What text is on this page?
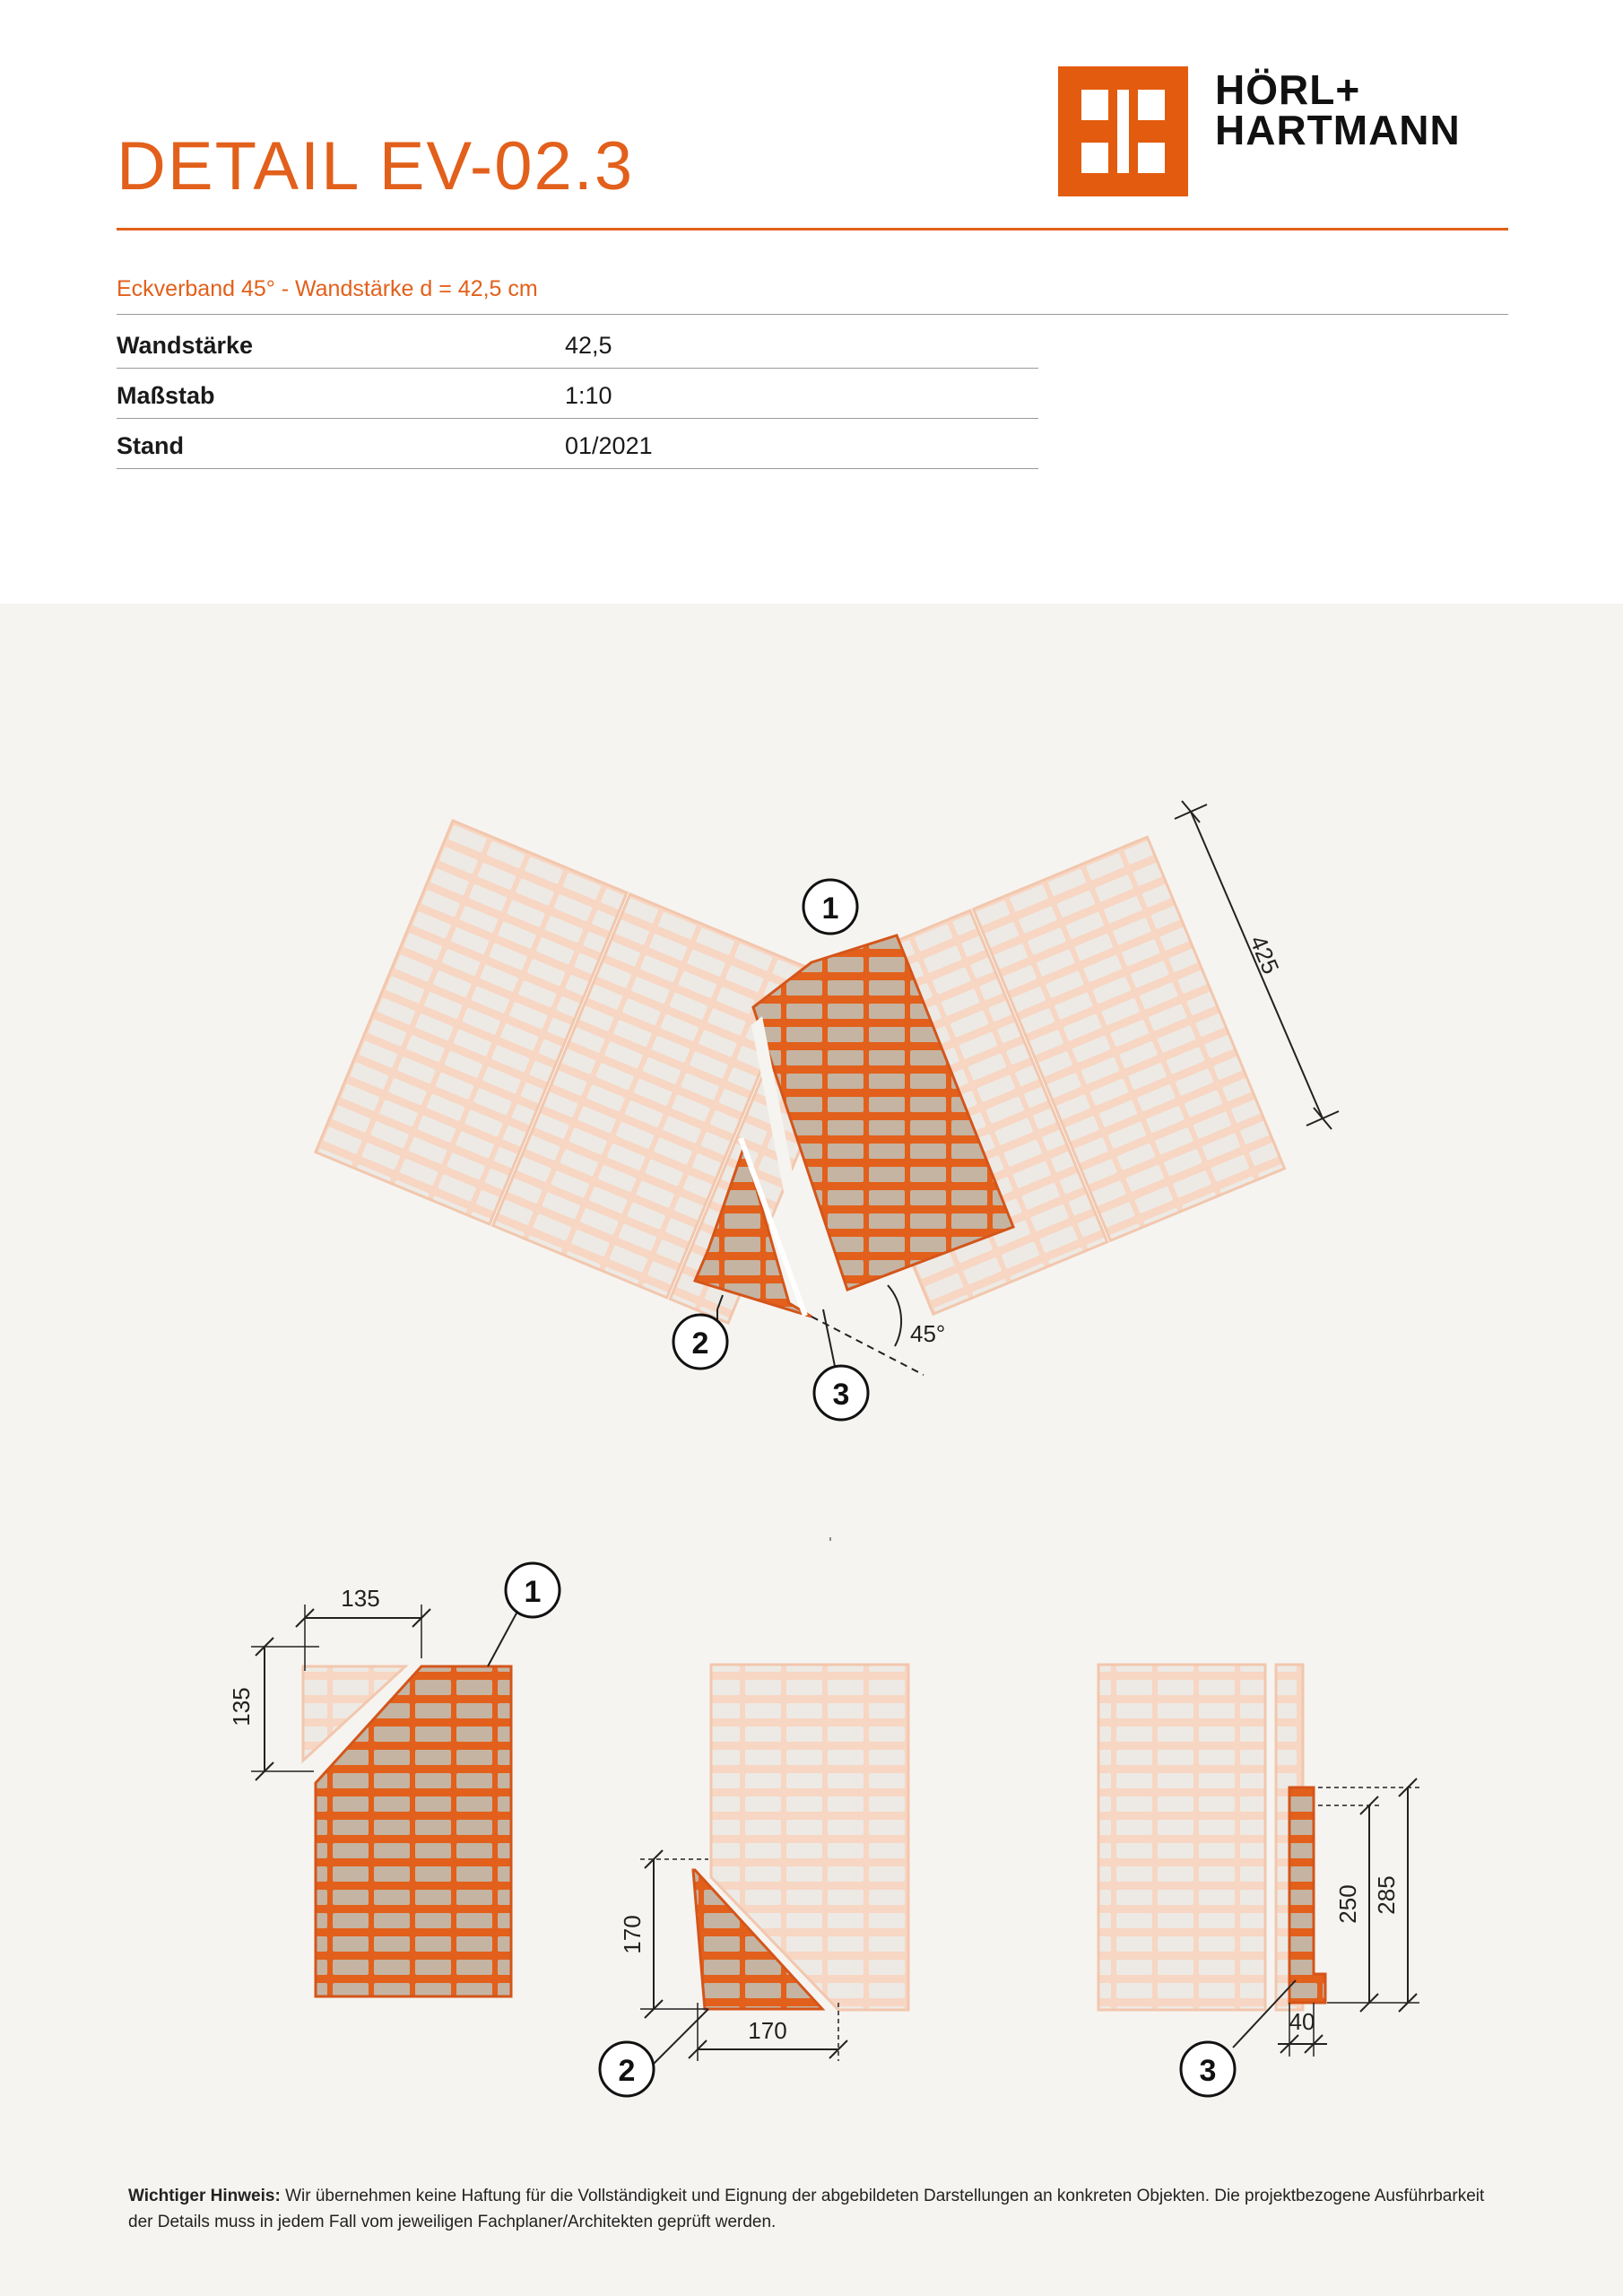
DETAIL EV-02.3
HÖRL+
HARTMANN
Eckverband 45° - Wandstärke d = 42,5 cm
Wandstärke	42,5
Maßstab	1:10
Stand	01/2021
425
45°
1
2
3
135
135
1
170
170
2
250 285
40
3
Wichtiger Hinweis: Wir übernehmen keine Haftung für die Vollständigkeit und Eignung der abgebildeten Darstellungen an konkreten Objekten. Die projektbezogene Ausführbarkeit der Details muss in jedem Fall vom jeweiligen Fachplaner/Architekten geprüft werden.
